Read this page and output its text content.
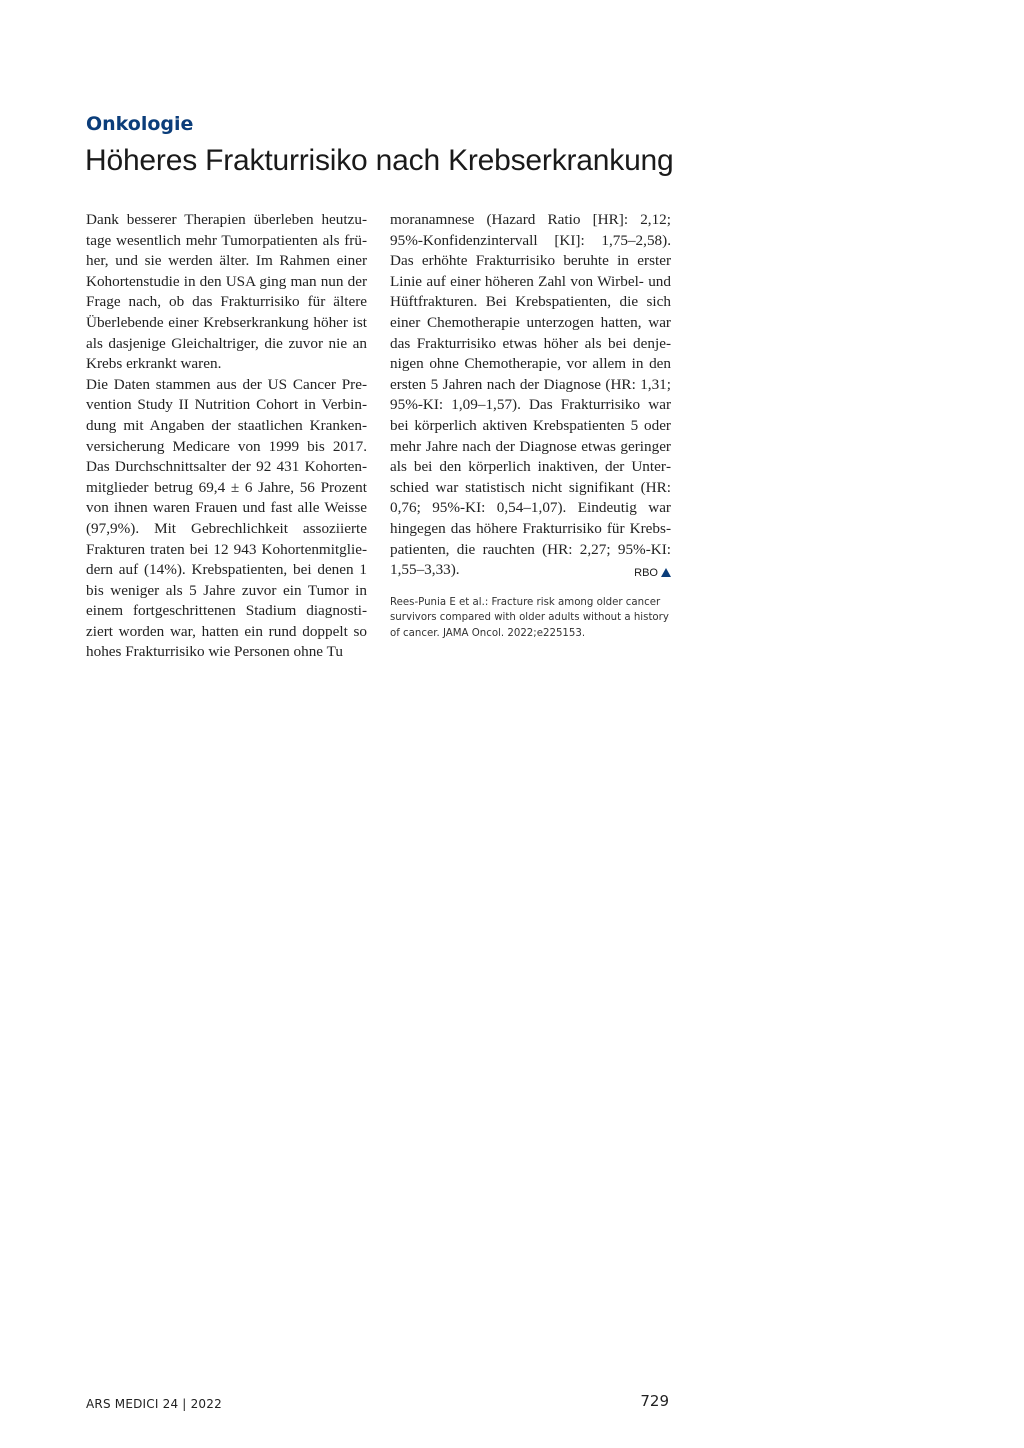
Onkologie
Höheres Frakturrisiko nach Krebserkrankung

Dank besserer Therapien überleben heutzutage wesentlich mehr Tumorpatienten als früher, und sie werden älter. Im Rahmen einer Kohortenstudie in den USA ging man nun der Frage nach, ob das Frakturrisiko für ältere Überlebende einer Krebserkrankung höher ist als dasjenige Gleichaltriger, die zuvor nie an Krebs erkrankt waren.

Die Daten stammen aus der US Cancer Prevention Study II Nutrition Cohort in Verbindung mit Angaben der staatlichen Krankenversicherung Medicare von 1999 bis 2017. Das Durchschnittsalter der 92 431 Kohortenmitglieder betrug 69,4 ± 6 Jahre, 56 Prozent von ihnen waren Frauen und fast alle Weisse (97,9%). Mit Gebrechlichkeit assoziierte Frakturen traten bei 12 943 Kohortenmitgliedern auf (14%). Krebspatienten, bei denen 1 bis weniger als 5 Jahre zuvor ein Tumor in einem fortgeschrittenen Stadium diagnostiziert worden war, hatten ein rund doppelt so hohes Frakturrisiko wie Personen ohne Tu

moranamnese (Hazard Ratio [HR]: 2,12; 95%-Konfidenzintervall [KI]: 1,75–2,58). Das erhöhte Frakturrisiko beruhte in erster Linie auf einer höheren Zahl von Wirbel- und Hüftfrakturen. Bei Krebspatienten, die sich einer Chemotherapie unterzogen hatten, war das Frakturrisiko etwas höher als bei denjenigen ohne Chemotherapie, vor allem in den ersten 5 Jahren nach der Diagnose (HR: 1,31; 95%-KI: 1,09–1,57). Das Frakturrisiko war bei körperlich aktiven Krebspatienten 5 oder mehr Jahre nach der Diagnose etwas geringer als bei den körperlich inaktiven, der Unterschied war statistisch nicht signifikant (HR: 0,76; 95%-KI: 0,54–1,07). Eindeutig war hingegen das höhere Frakturrisiko für Krebspatienten, die rauchten (HR: 2,27; 95%-KI: 1,55–3,33).	RBO

Rees-Punia E et al.: Fracture risk among older cancer survivors compared with older adults without a history of cancer. JAMA Oncol. 2022;e225153.

ARS MEDICI 24 | 2022	729
